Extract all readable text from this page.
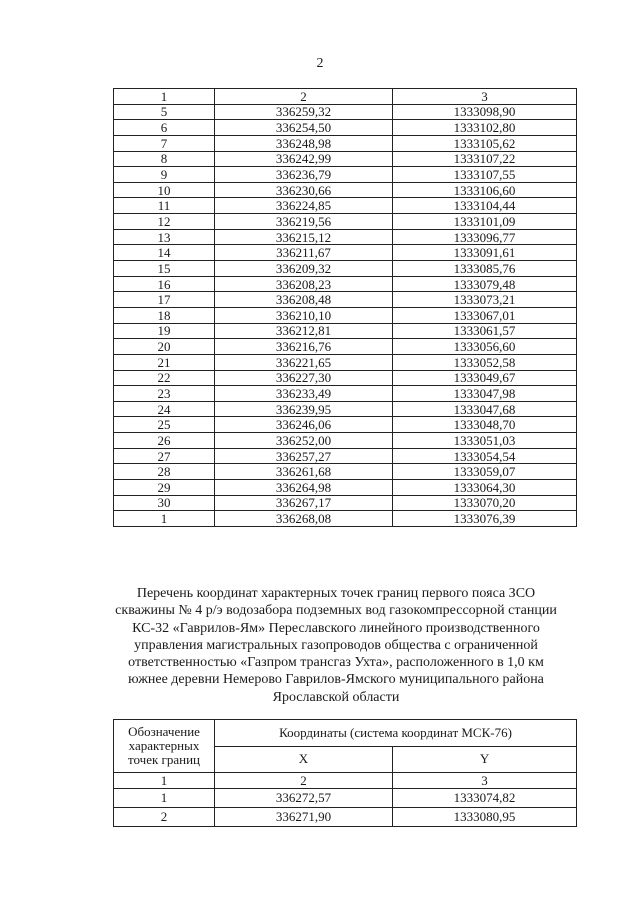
2
1	2	3
5	336259,32	1333098,90
6	336254,50	1333102,80
7	336248,98	1333105,62
8	336242,99	1333107,22
9	336236,79	1333107,55
10	336230,66	1333106,60
11	336224,85	1333104,44
12	336219,56	1333101,09
13	336215,12	1333096,77
14	336211,67	1333091,61
15	336209,32	1333085,76
16	336208,23	1333079,48
17	336208,48	1333073,21
18	336210,10	1333067,01
19	336212,81	1333061,57
20	336216,76	1333056,60
21	336221,65	1333052,58
22	336227,30	1333049,67
23	336233,49	1333047,98
24	336239,95	1333047,68
25	336246,06	1333048,70
26	336252,00	1333051,03
27	336257,27	1333054,54
28	336261,68	1333059,07
29	336264,98	1333064,30
30	336267,17	1333070,20
1	336268,08	1333076,39
Перечень координат характерных точек границ первого пояса ЗСО
скважины № 4 р/э водозабора подземных вод газокомпрессорной станции
КС-32 «Гаврилов-Ям» Переславского линейного производственного
управления магистральных газопроводов общества с ограниченной
ответственностью «Газпром трансгаз Ухта», расположенного в 1,0 км
южнее деревни Немерово Гаврилов-Ямского муниципального района
Ярославской области
Обозначение характерных точек границ	Координаты (система координат МСК-76)	
	X	Y
1	2	3
1	336272,57	1333074,82
2	336271,90	1333080,95
